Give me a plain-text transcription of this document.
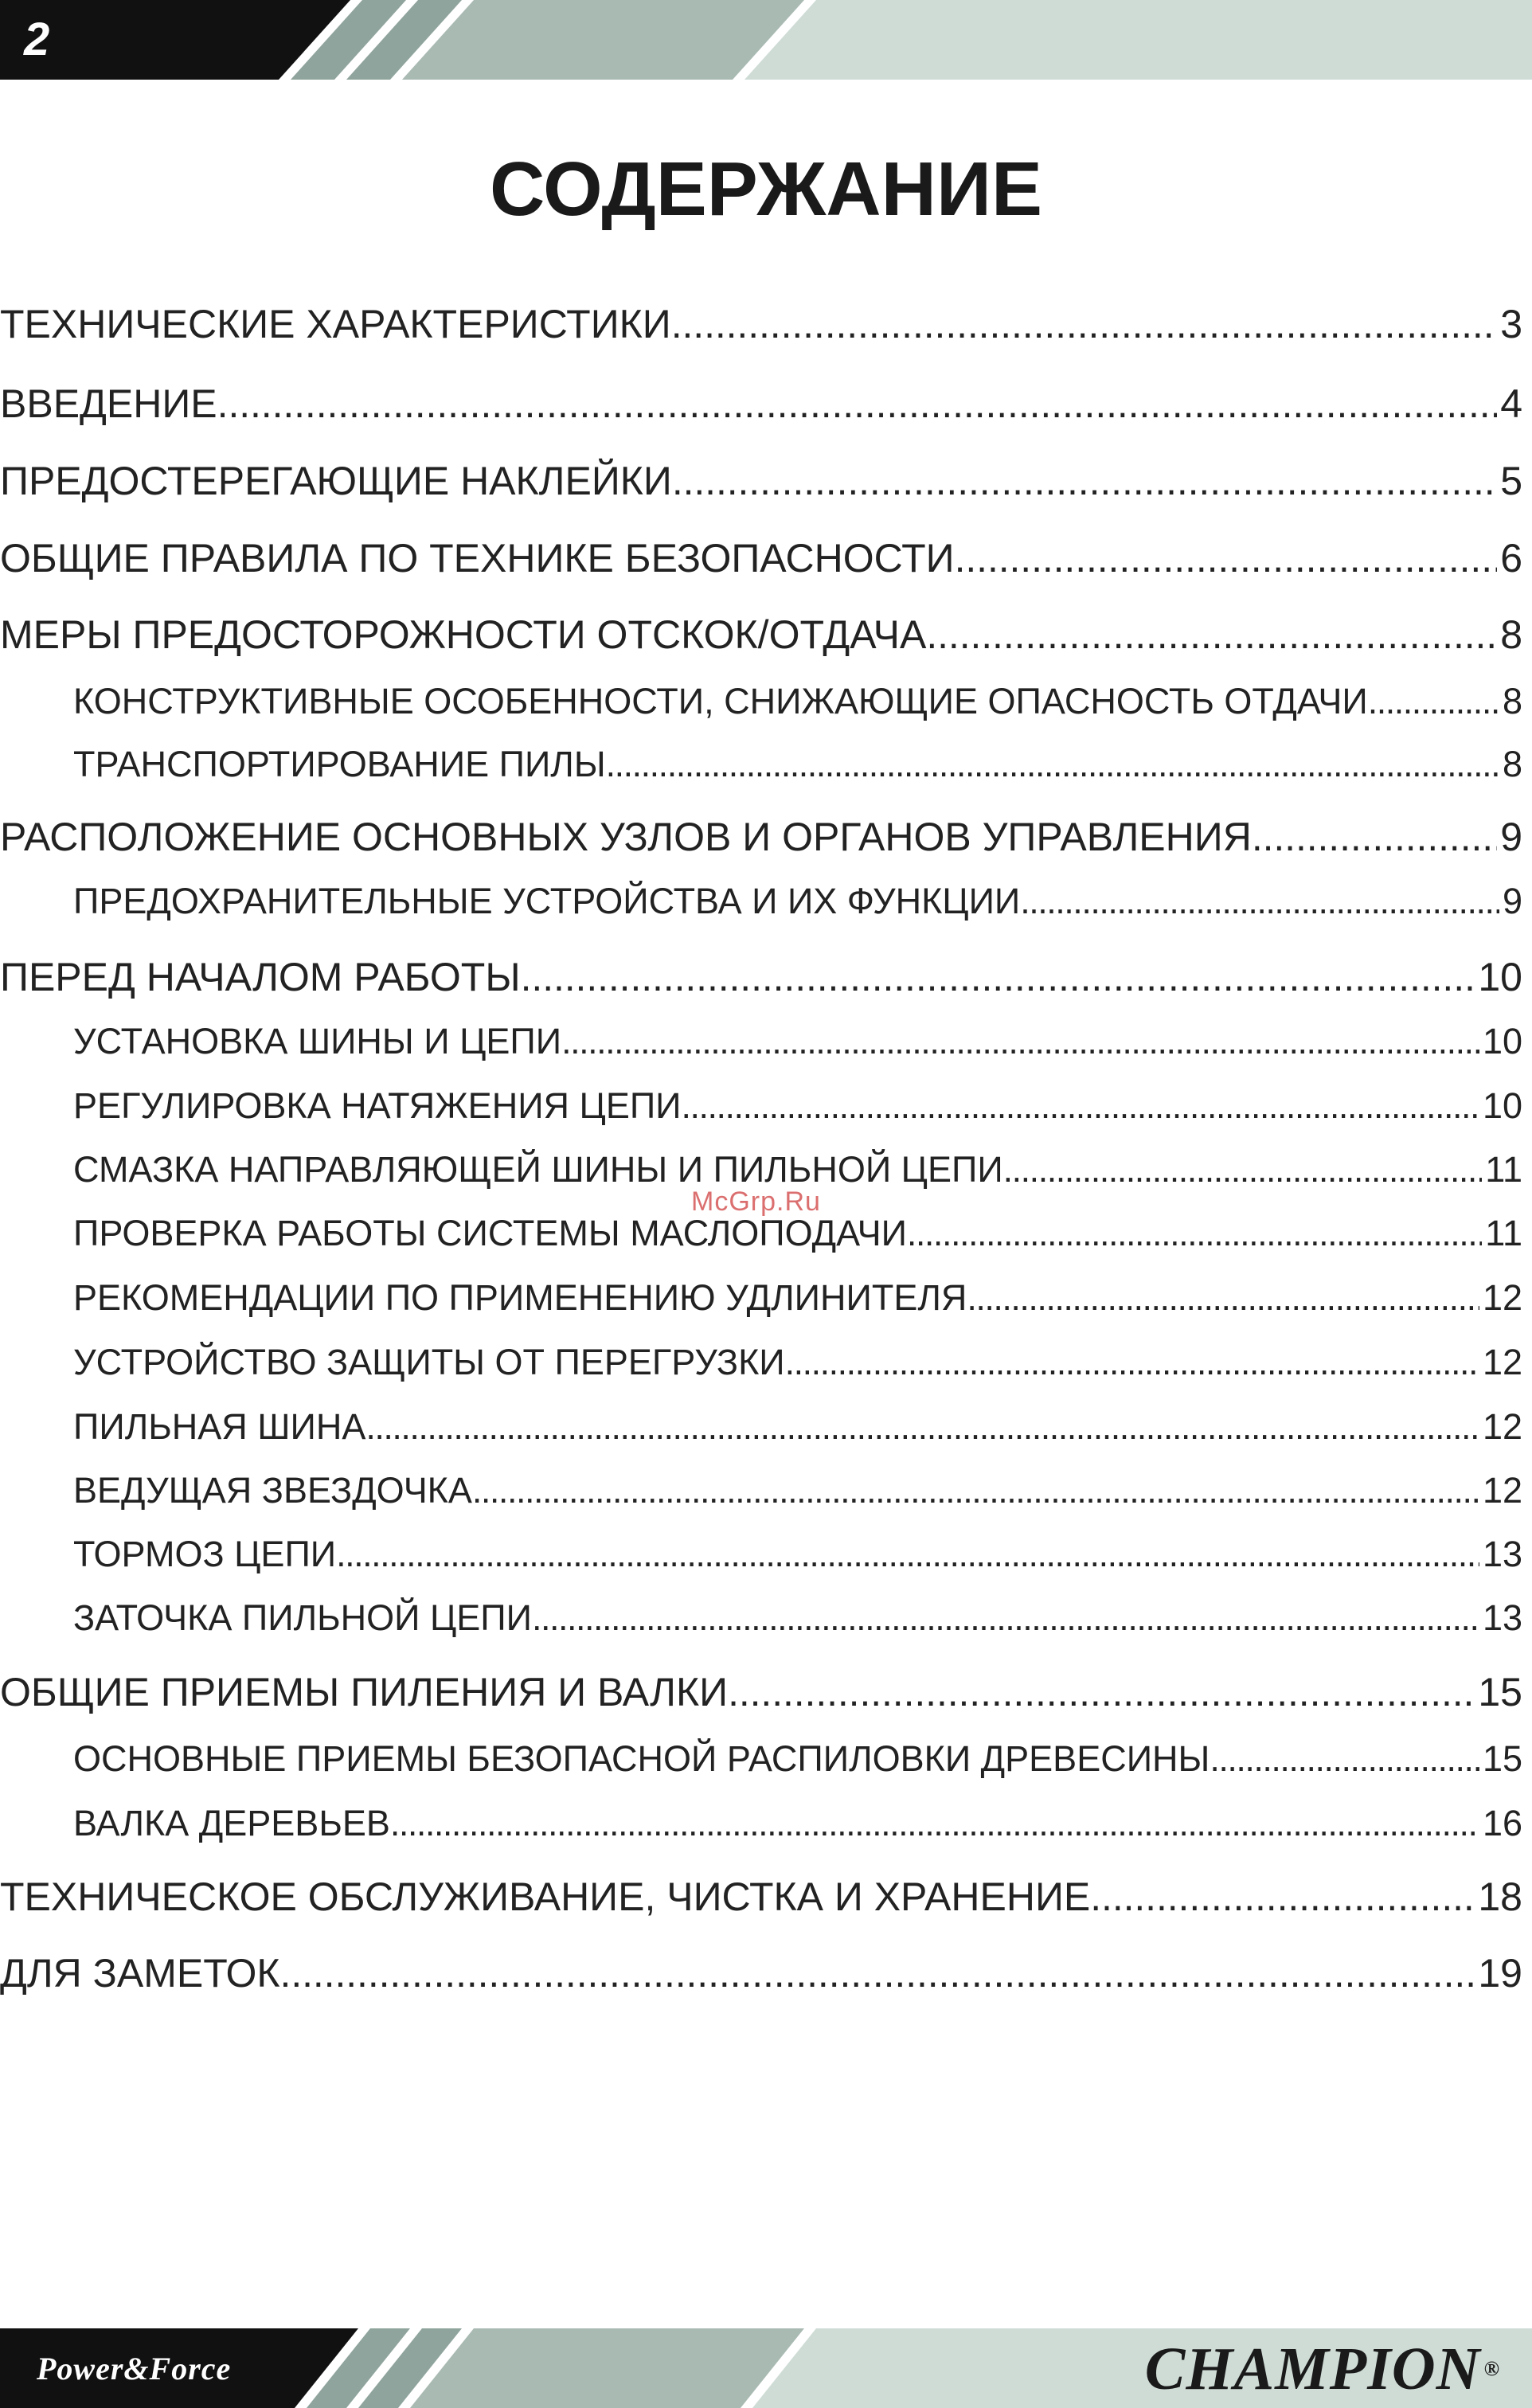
2
СОДЕРЖАНИЕ
ТЕХНИЧЕСКИЕ ХАРАКТЕРИСТИКИ . . .	3
ВВЕДЕНИЕ . . .	4
ПРЕДОСТЕРЕГАЮЩИЕ НАКЛЕЙКИ . . .	5
ОБЩИЕ ПРАВИЛА ПО ТЕХНИКЕ БЕЗОПАСНОСТИ . . .	6
МЕРЫ ПРЕДОСТОРОЖНОСТИ ОТСКОК/ОТДАЧА . . .	8
КОНСТРУКТИВНЫЕ ОСОБЕННОСТИ, СНИЖАЮЩИЕ ОПАСНОСТЬ ОТДАЧИ . . .	8
ТРАНСПОРТИРОВАНИЕ ПИЛЫ . . .	8
РАСПОЛОЖЕНИЕ ОСНОВНЫХ УЗЛОВ И ОРГАНОВ УПРАВЛЕНИЯ . . .	9
ПРЕДОХРАНИТЕЛЬНЫЕ УСТРОЙСТВА И ИХ ФУНКЦИИ . . .	9
ПЕРЕД НАЧАЛОМ РАБОТЫ . . .	10
УСТАНОВКА ШИНЫ И ЦЕПИ . . .	10
РЕГУЛИРОВКА НАТЯЖЕНИЯ ЦЕПИ . . .	10
СМАЗКА НАПРАВЛЯЮЩЕЙ ШИНЫ И ПИЛЬНОЙ ЦЕПИ . . .	11
ПРОВЕРКА РАБОТЫ СИСТЕМЫ МАСЛОПОДАЧИ . . .	11
РЕКОМЕНДАЦИИ ПО ПРИМЕНЕНИЮ УДЛИНИТЕЛЯ . . .	12
УСТРОЙСТВО ЗАЩИТЫ ОТ ПЕРЕГРУЗКИ . . .	12
ПИЛЬНАЯ ШИНА . . .	12
ВЕДУЩАЯ ЗВЕЗДОЧКА . . .	12
ТОРМОЗ ЦЕПИ . . .	13
ЗАТОЧКА ПИЛЬНОЙ ЦЕПИ . . .	13
ОБЩИЕ ПРИЕМЫ ПИЛЕНИЯ И ВАЛКИ . . .	15
ОСНОВНЫЕ ПРИЕМЫ БЕЗОПАСНОЙ РАСПИЛОВКИ ДРЕВЕСИНЫ . . .	15
ВАЛКА ДЕРЕВЬЕВ . . .	16
ТЕХНИЧЕСКОЕ ОБСЛУЖИВАНИЕ, ЧИСТКА И ХРАНЕНИЕ . . .	18
ДЛЯ ЗАМЕТОК . . .	19
McGrp.Ru
Power&Force	CHAMPION ®
